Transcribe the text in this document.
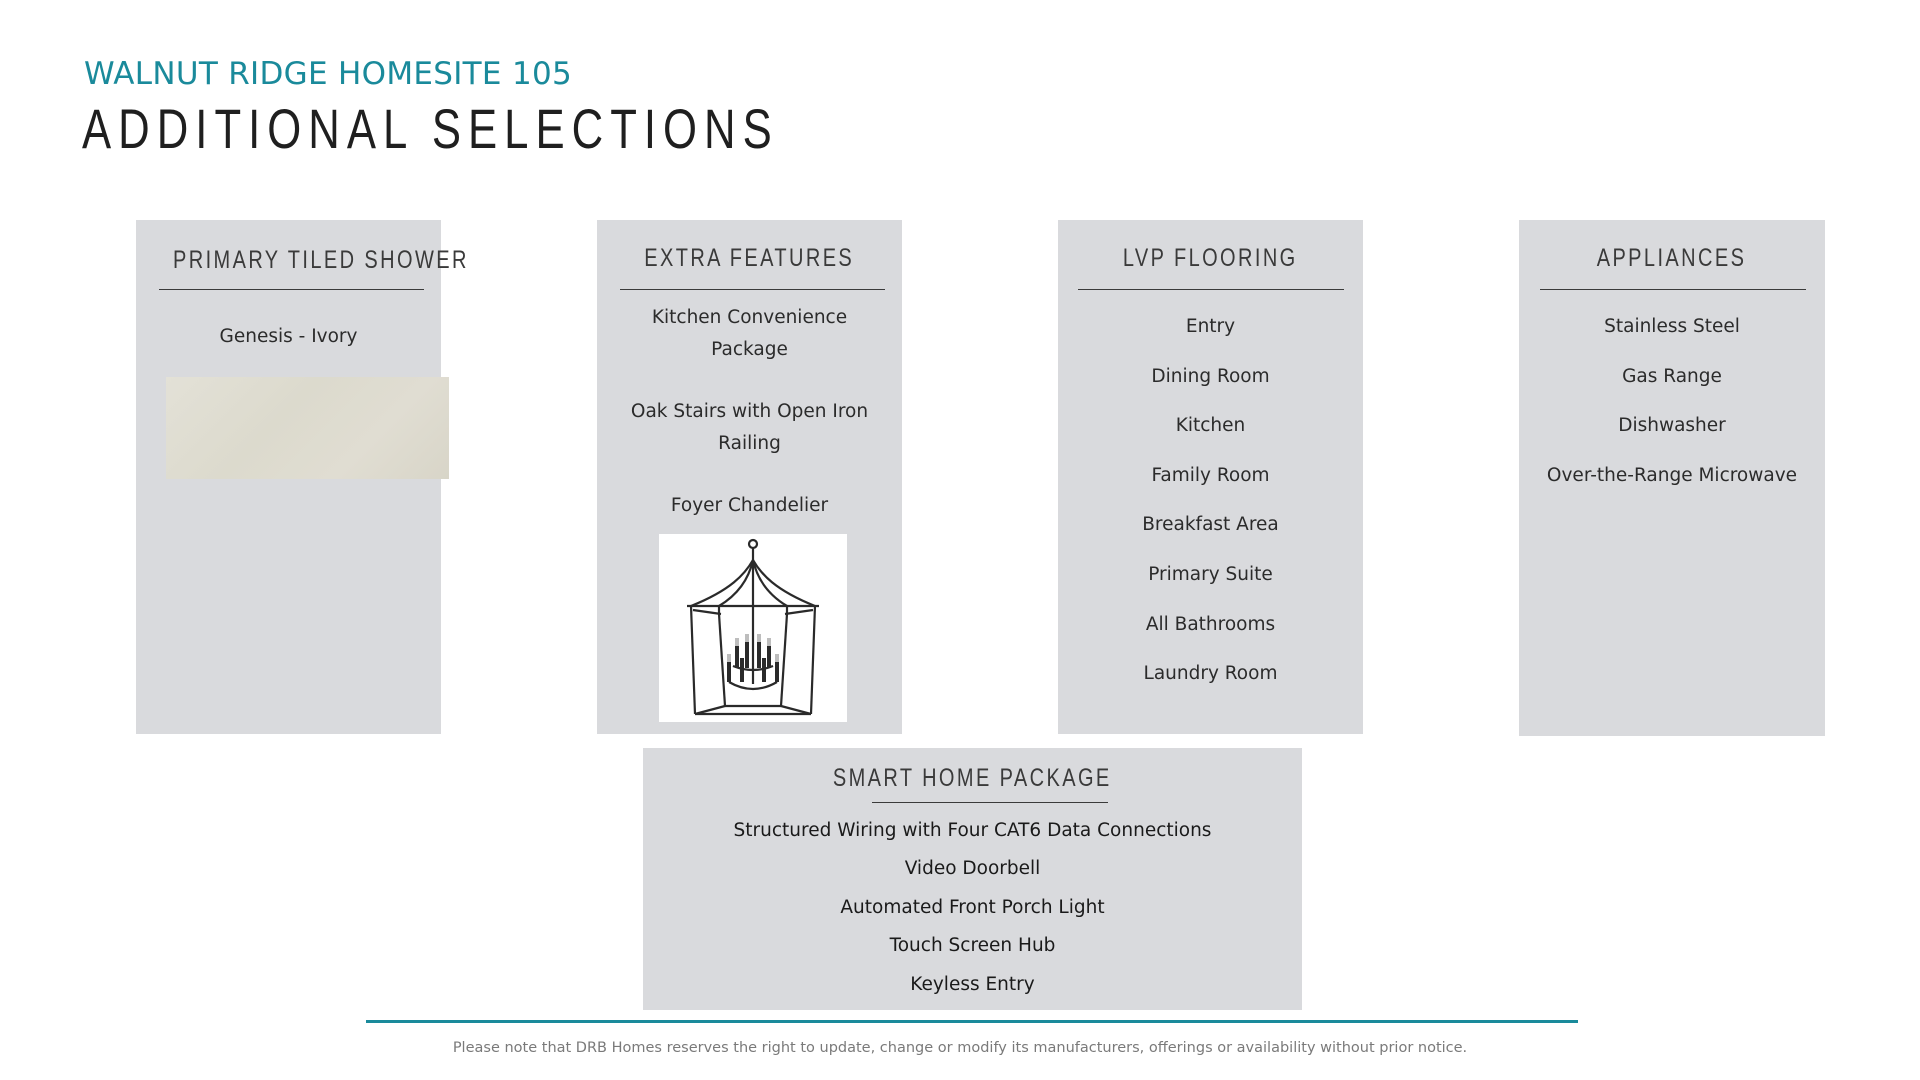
WALNUT RIDGE HOMESITE 105
ADDITIONAL SELECTIONS
PRIMARY TILED SHOWER
Genesis - Ivory
EXTRA FEATURES
Kitchen Convenience Package
Oak Stairs with Open Iron Railing
Foyer Chandelier
LVP FLOORING
Entry
Dining Room
Kitchen
Family Room
Breakfast Area
Primary Suite
All Bathrooms
Laundry Room
APPLIANCES
Stainless Steel
Gas Range
Dishwasher
Over-the-Range Microwave
SMART HOME PACKAGE
Structured Wiring with Four CAT6 Data Connections
Video Doorbell
Automated Front Porch Light
Touch Screen Hub
Keyless Entry
Please note that DRB Homes reserves the right to update, change or modify its manufacturers, offerings or availability without prior notice.
